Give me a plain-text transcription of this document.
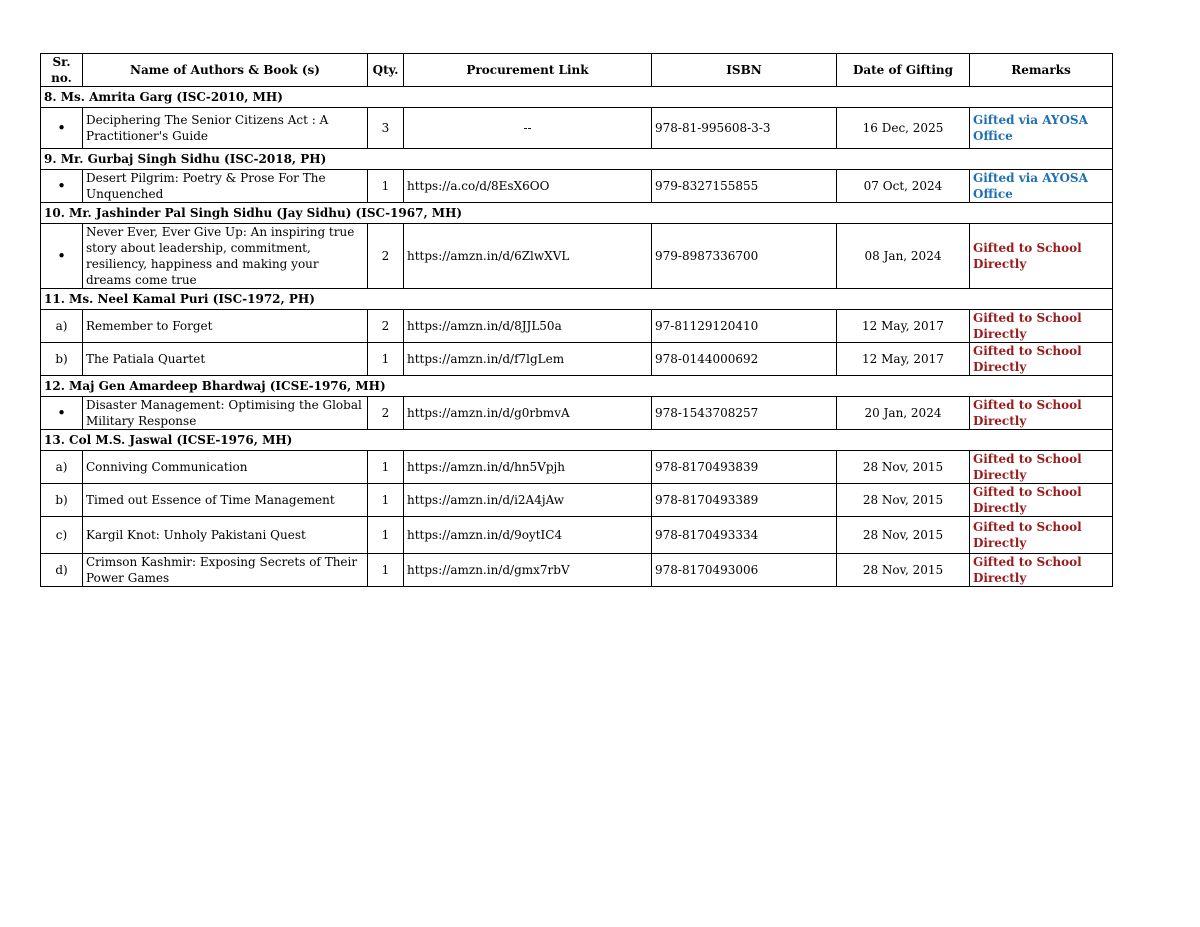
Sr. no.	Name of Authors & Book (s)	Qty.	Procurement Link	ISBN	Date of Gifting	Remarks
8. Ms. Amrita Garg (ISC-2010, MH)						
•	Deciphering The Senior Citizens Act : A Practitioner's Guide	3	--	978-81-995608-3-3	16 Dec, 2025	Gifted via AYOSA Office
9. Mr. Gurbaj Singh Sidhu (ISC-2018, PH)						
•	Desert Pilgrim: Poetry & Prose For The Unquenched	1	https://a.co/d/8EsX6OO	979-8327155855	07 Oct, 2024	Gifted via AYOSA Office
10. Mr. Jashinder Pal Singh Sidhu (Jay Sidhu) (ISC-1967, MH)						
•	Never Ever, Ever Give Up: An inspiring true story about leadership, commitment, resiliency, happiness and making your dreams come true	2	https://amzn.in/d/6ZlwXVL	979-8987336700	08 Jan, 2024	Gifted to School Directly
11. Ms. Neel Kamal Puri (ISC-1972, PH)						
a)	Remember to Forget	2	https://amzn.in/d/8JJL50a	97-81129120410	12 May, 2017	Gifted to School Directly
b)	The Patiala Quartet	1	https://amzn.in/d/f7lgLem	978-0144000692	12 May, 2017	Gifted to School Directly
12. Maj Gen Amardeep Bhardwaj (ICSE-1976, MH)						
•	Disaster Management: Optimising the Global Military Response	2	https://amzn.in/d/g0rbmvA	978-1543708257	20 Jan, 2024	Gifted to School Directly
13. Col M.S. Jaswal (ICSE-1976, MH)						
a)	Conniving Communication	1	https://amzn.in/d/hn5Vpjh	978-8170493839	28 Nov, 2015	Gifted to School Directly
b)	Timed out Essence of Time Management	1	https://amzn.in/d/i2A4jAw	978-8170493389	28 Nov, 2015	Gifted to School Directly
c)	Kargil Knot: Unholy Pakistani Quest	1	https://amzn.in/d/9oytIC4	978-8170493334	28 Nov, 2015	Gifted to School Directly
d)	Crimson Kashmir: Exposing Secrets of Their Power Games	1	https://amzn.in/d/gmx7rbV	978-8170493006	28 Nov, 2015	Gifted to School Directly
